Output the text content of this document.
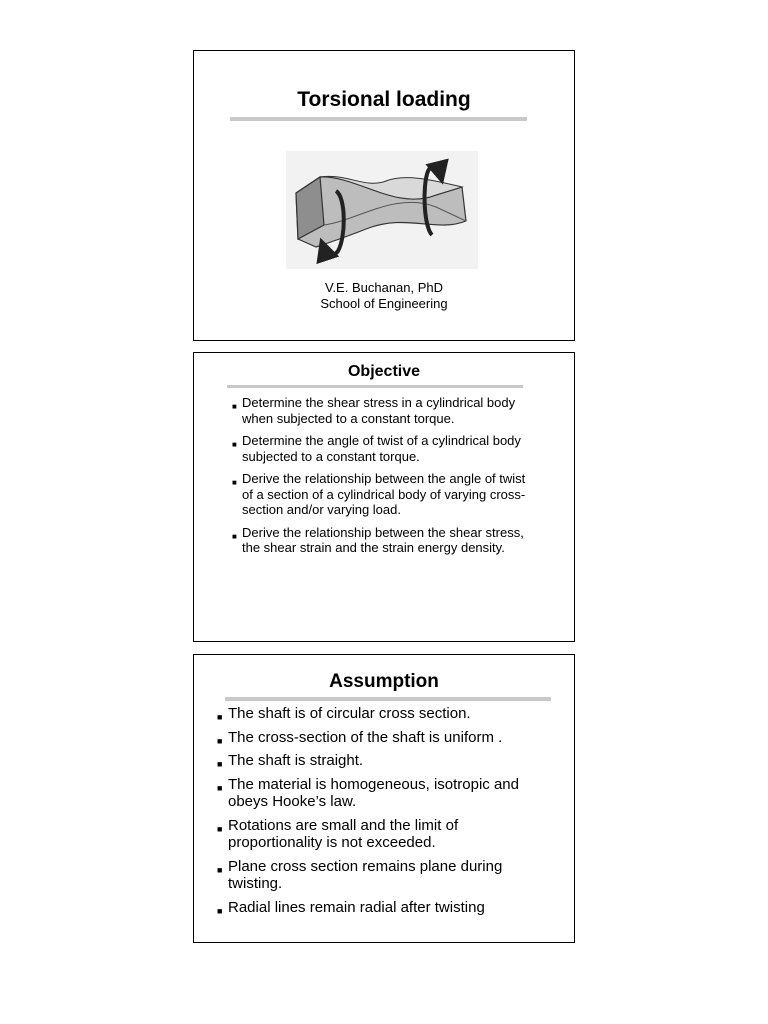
Torsional loading
V.E. Buchanan, PhD
School of Engineering
Objective
■ Determine the shear stress in a cylindrical body when subjected to a constant torque.
■ Determine the angle of twist of a cylindrical body subjected to a constant torque.
■ Derive the relationship between the angle of twist of a section of a cylindrical body of varying cross-section and/or varying load.
■ Derive the relationship between the shear stress, the shear strain and the strain energy density.
Assumption
■ The shaft is of circular cross section.
■ The cross-section of the shaft is uniform .
■ The shaft is straight.
■ The material is homogeneous, isotropic and obeys Hooke’s law.
■ Rotations are small and the limit of proportionality is not exceeded.
■ Plane cross section remains plane during twisting.
■ Radial lines remain radial after twisting
